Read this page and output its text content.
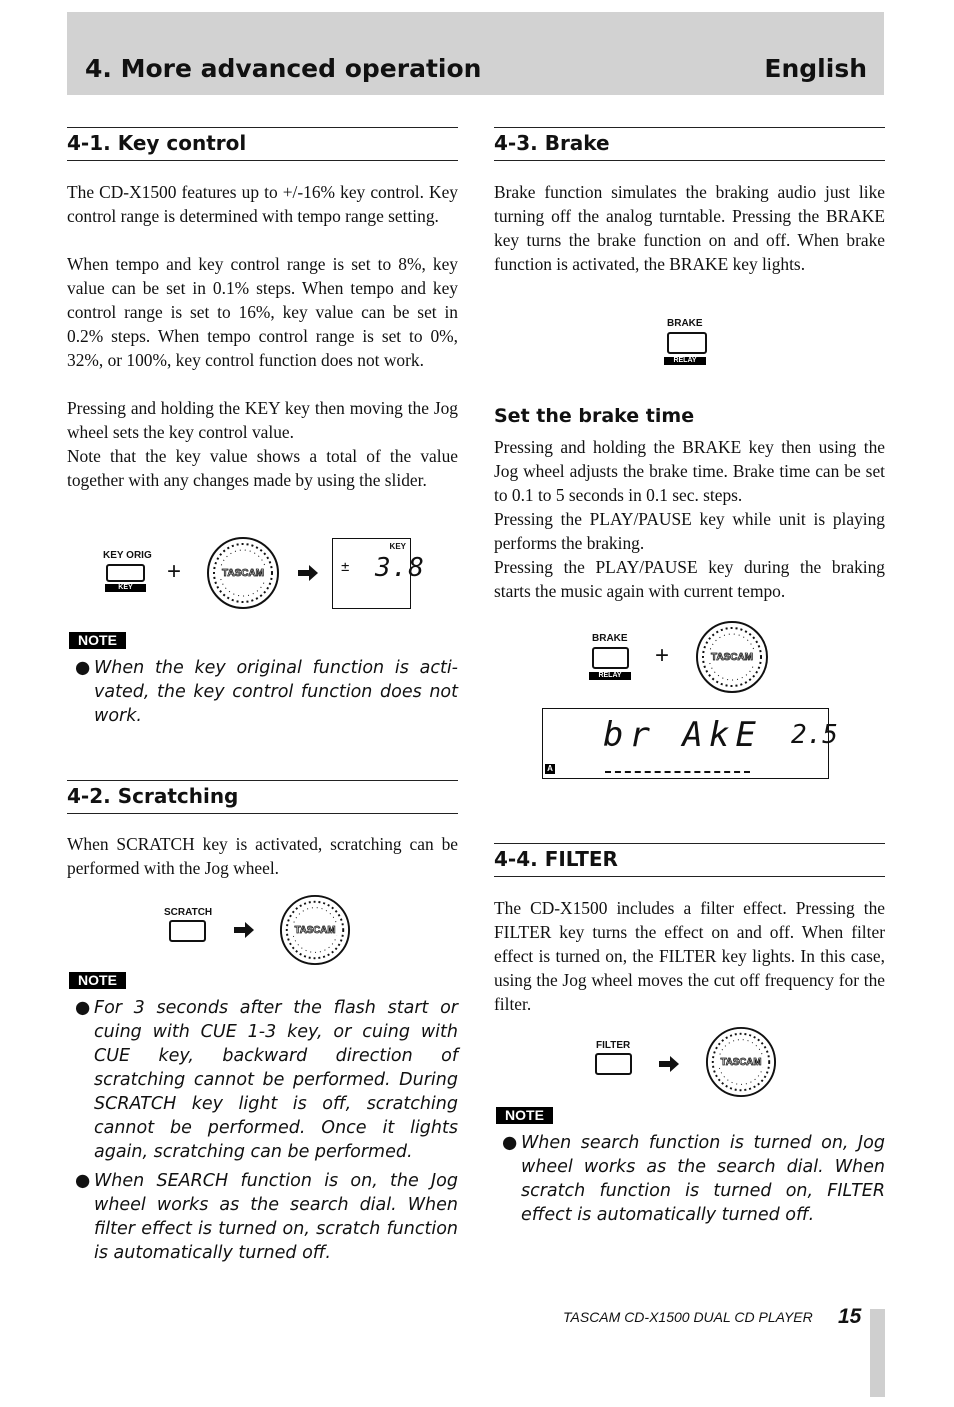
4. More advanced operation	English
4-1. Key control

The CD-X1500 features up to +/-16% key control. Key control range is determined with tempo range setting.

When tempo and key control range is set to 8%, key value can be set in 0.1% steps. When tempo and key control range is set to 16%, key value can be set in 0.2% steps. When tempo control range is set to 0%, 32%, or 100%, key control function does not work.

Pressing and holding the KEY key then moving the Jog wheel sets the key control value.

Note that the key value shows a total of the value together with any changes made by using the slider.

KEY ORIG
KEY
+	TASCAM
KEY
± 3.8
NOTE
● When the key original function is acti-vated, the key control function does not work.
4-2. Scratching

When SCRATCH key is activated, scratching can be performed with the Jog wheel.

SCRATCH
TASCAM
NOTE
● For 3 seconds after the flash start or cuing with CUE 1-3 key, or cuing with CUE key, backward direction of scratching cannot be performed. During SCRATCH key light is off, scratching cannot be performed. Once it lights again, scratching can be performed.
● When SEARCH function is on, the Jog wheel works as the search dial. When filter effect is turned on, scratch function is automatically turned off.
4-3. Brake

Brake function simulates the braking audio just like turning off the analog turntable. Pressing the BRAKE key turns the brake function on and off. When brake function is activated, the BRAKE key lights.

BRAKE
RELAY
Set the brake time

Pressing and holding the BRAKE key then using the Jog wheel adjusts the brake time. Brake time can be set to 0.1 to 5 seconds in 0.1 sec. steps.

Pressing the PLAY/PAUSE key while unit is playing performs the braking.

Pressing the PLAY/PAUSE key during the braking starts the music again with current tempo.

BRAKE
RELAY
+	TASCAM
br AkE 2.5
A
4-4. FILTER

The CD-X1500 includes a filter effect. Pressing the FILTER key turns the effect on and off. When filter effect is turned on, the FILTER key lights. In this case, using the Jog wheel moves the cut off frequency for the filter.

FILTER
TASCAM
NOTE
● When search function is turned on, Jog wheel works as the search dial. When scratch function is turned on, FILTER effect is automatically turned off.
TASCAM CD-X1500 DUAL CD PLAYER 15
